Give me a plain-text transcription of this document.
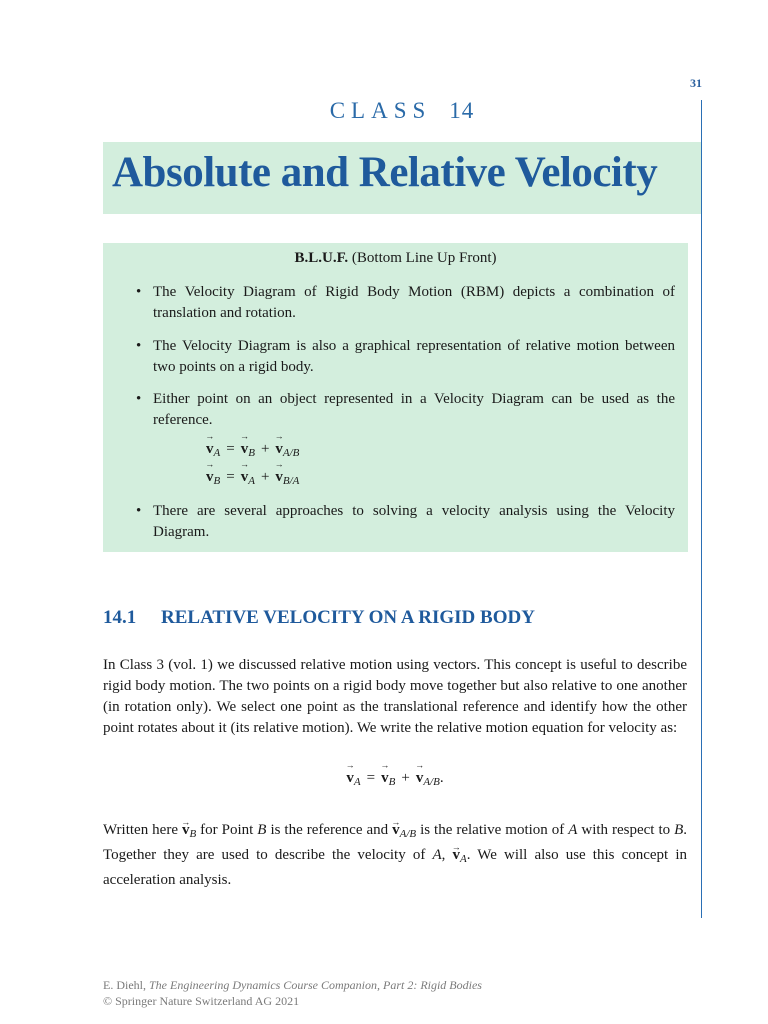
31
CLASS 14
Absolute and Relative Velocity
B.L.U.F. (Bottom Line Up Front)
• The Velocity Diagram of Rigid Body Motion (RBM) depicts a combination of translation and rotation.
• The Velocity Diagram is also a graphical representation of relative motion between two points on a rigid body.
• Either point on an object represented in a Velocity Diagram can be used as the reference.
→ $v_A =\to v_B +\to v_{A/B}$
→ $v_B =\to v_A +\to v_{B/A}$
• There are several approaches to solving a velocity analysis using the Velocity Diagram.
14.1 RELATIVE VELOCITY ON A RIGID BODY
In Class 3 (vol. 1) we discussed relative motion using vectors. This concept is useful to describe rigid body motion. The two points on a rigid body move together but also relative to one another (in rotation only). We select one point as the translational reference and identify how the other point rotates about it (its relative motion). We write the relative motion equation for velocity as:
→ $v_A =\to v_B +\to v_{A/B}$.
Written here → $v_B$ for Point B is the reference and → $v_{A/B}$ is the relative motion of A with respect to B. Together they are used to describe the velocity of A, → $v_A$. We will also use this concept in acceleration analysis.
E. Diehl, The Engineering Dynamics Course Companion, Part 2: Rigid Bodies
© Springer Nature Switzerland AG 2021
